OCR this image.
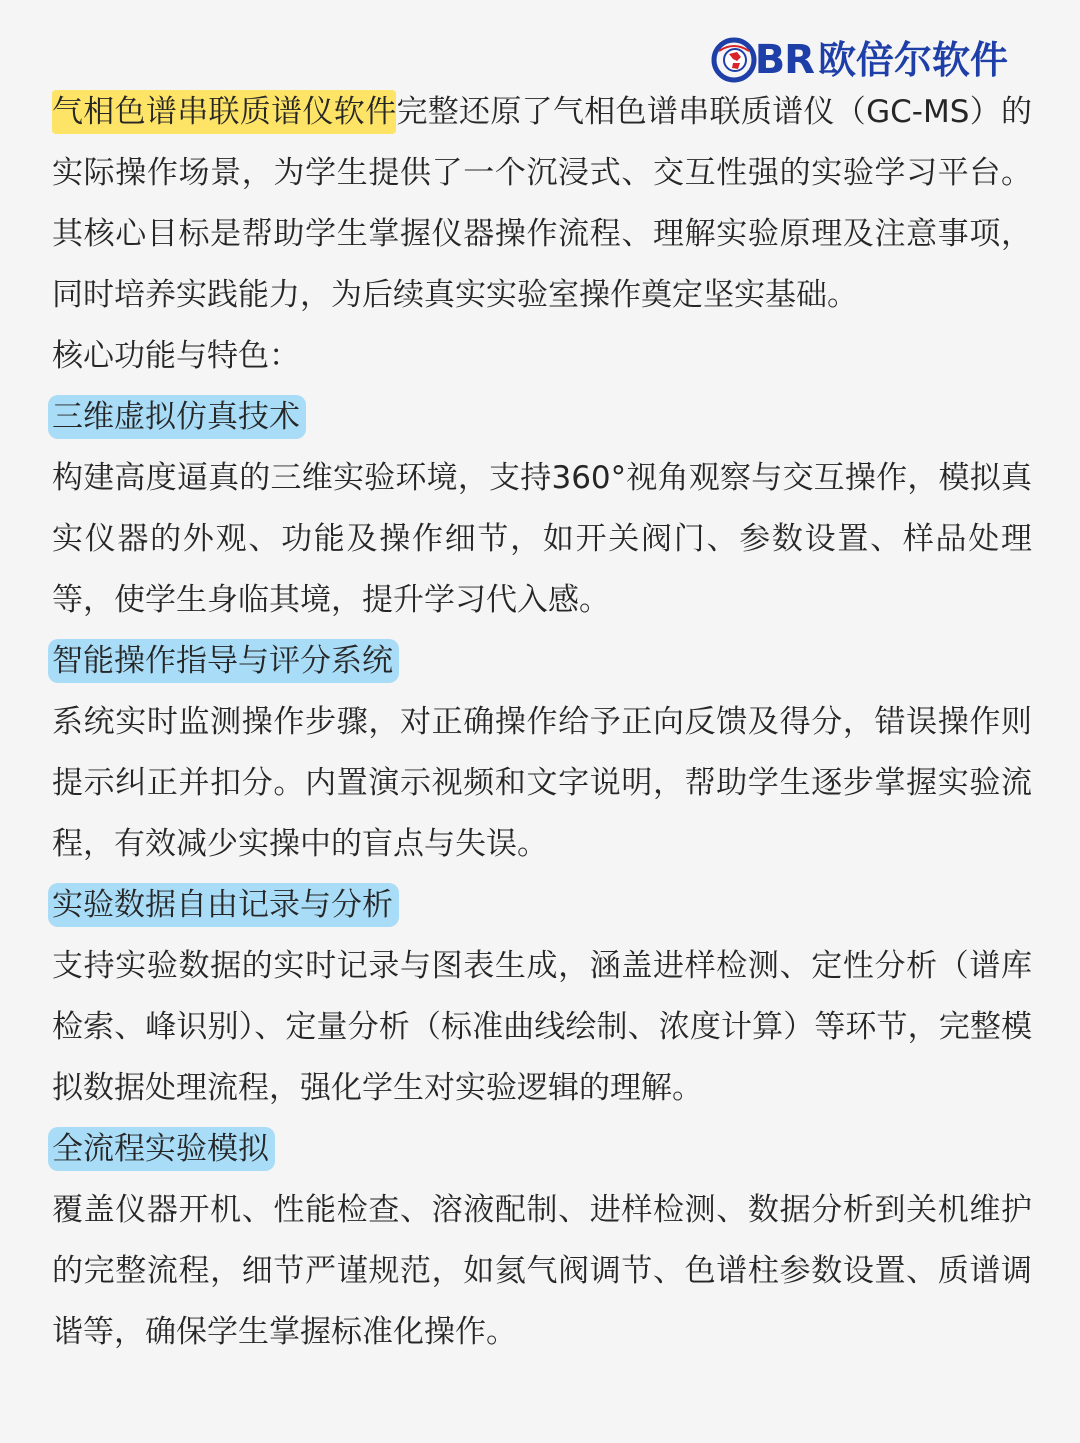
BR 欧倍尔软件

气相色谱串联质谱仪软件完整还原了气相色谱串联质谱仪（GC-MS）的实际操作场景，为学生提供了一个沉浸式、交互性强的实验学习平台。其核心目标是帮助学生掌握仪器操作流程、理解实验原理及注意事项，同时培养实践能力，为后续真实实验室操作奠定坚实基础。

核心功能与特色：

三维虚拟仿真技术

构建高度逼真的三维实验环境，支持360°视角观察与交互操作，模拟真实仪器的外观、功能及操作细节，如开关阀门、参数设置、样品处理等，使学生身临其境，提升学习代入感。

智能操作指导与评分系统

系统实时监测操作步骤，对正确操作给予正向反馈及得分，错误操作则提示纠正并扣分。内置演示视频和文字说明，帮助学生逐步掌握实验流程，有效减少实操中的盲点与失误。

实验数据自由记录与分析

支持实验数据的实时记录与图表生成，涵盖进样检测、定性分析（谱库检索、峰识别）、定量分析（标准曲线绘制、浓度计算）等环节，完整模拟数据处理流程，强化学生对实验逻辑的理解。

全流程实验模拟

覆盖仪器开机、性能检查、溶液配制、进样检测、数据分析到关机维护的完整流程，细节严谨规范，如氦气阀调节、色谱柱参数设置、质谱调谐等，确保学生掌握标准化操作。
